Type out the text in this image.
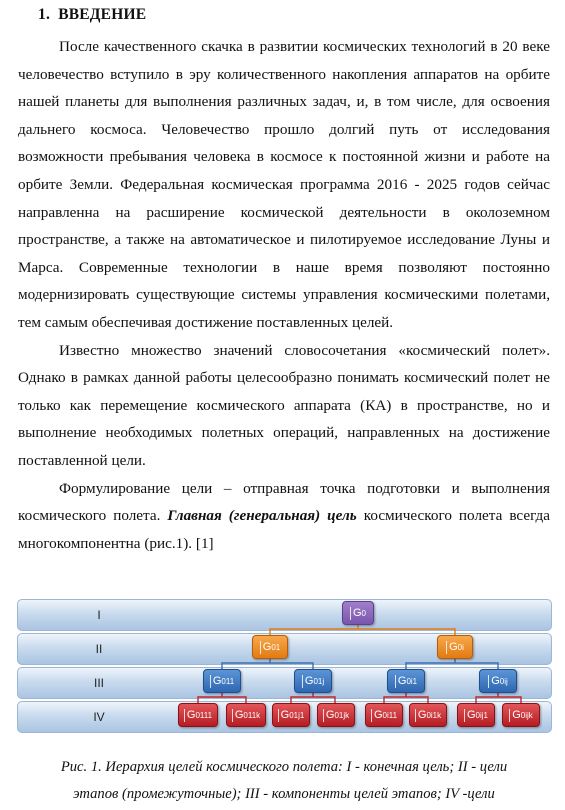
1. ВВЕДЕНИЕ

После качественного скачка в развитии космических технологий в 20 веке человечество вступило в эру количественного накопления аппаратов на орбите нашей планеты для выполнения различных задач, и, в том числе, для освоения дальнего космоса. Человечество прошло долгий путь от исследования возможности пребывания человека в космосе к постоянной жизни и работе на орбите Земли. Федеральная космическая программа 2016 - 2025 годов сейчас направленна на расширение космической деятельности в околоземном пространстве, а также на автоматическое и пилотируемое исследование Луны и Марса. Современные технологии в наше время позволяют постоянно модернизировать существующие системы управления космическими полетами, тем самым обеспечивая достижение поставленных целей.

Известно множество значений словосочетания «космический полет». Однако в рамках данной работы целесообразно понимать космический полет не только как перемещение космического аппарата (КА) в пространстве, но и выполнение необходимых полетных операций, направленных на достижение поставленной цели.

Формулирование цели – отправная точка подготовки и выполнения космического полета. Главная (генеральная) цель космического полета всегда многокомпонентна (рис.1). [1]

I
II
III
IV
G 0
G 01	G 0i
G 011	G 01j	G 0i1	G 0ij
G 0111 G 011k G 01j1 G 01jk G 0i11 G 0i1k G 0ij1 G 0ijk
Рис. 1. Иерархия целей космического полета: I - конечная цель; II - цели
этапов (промежуточные); III - компоненты целей этапов; IV -цели
